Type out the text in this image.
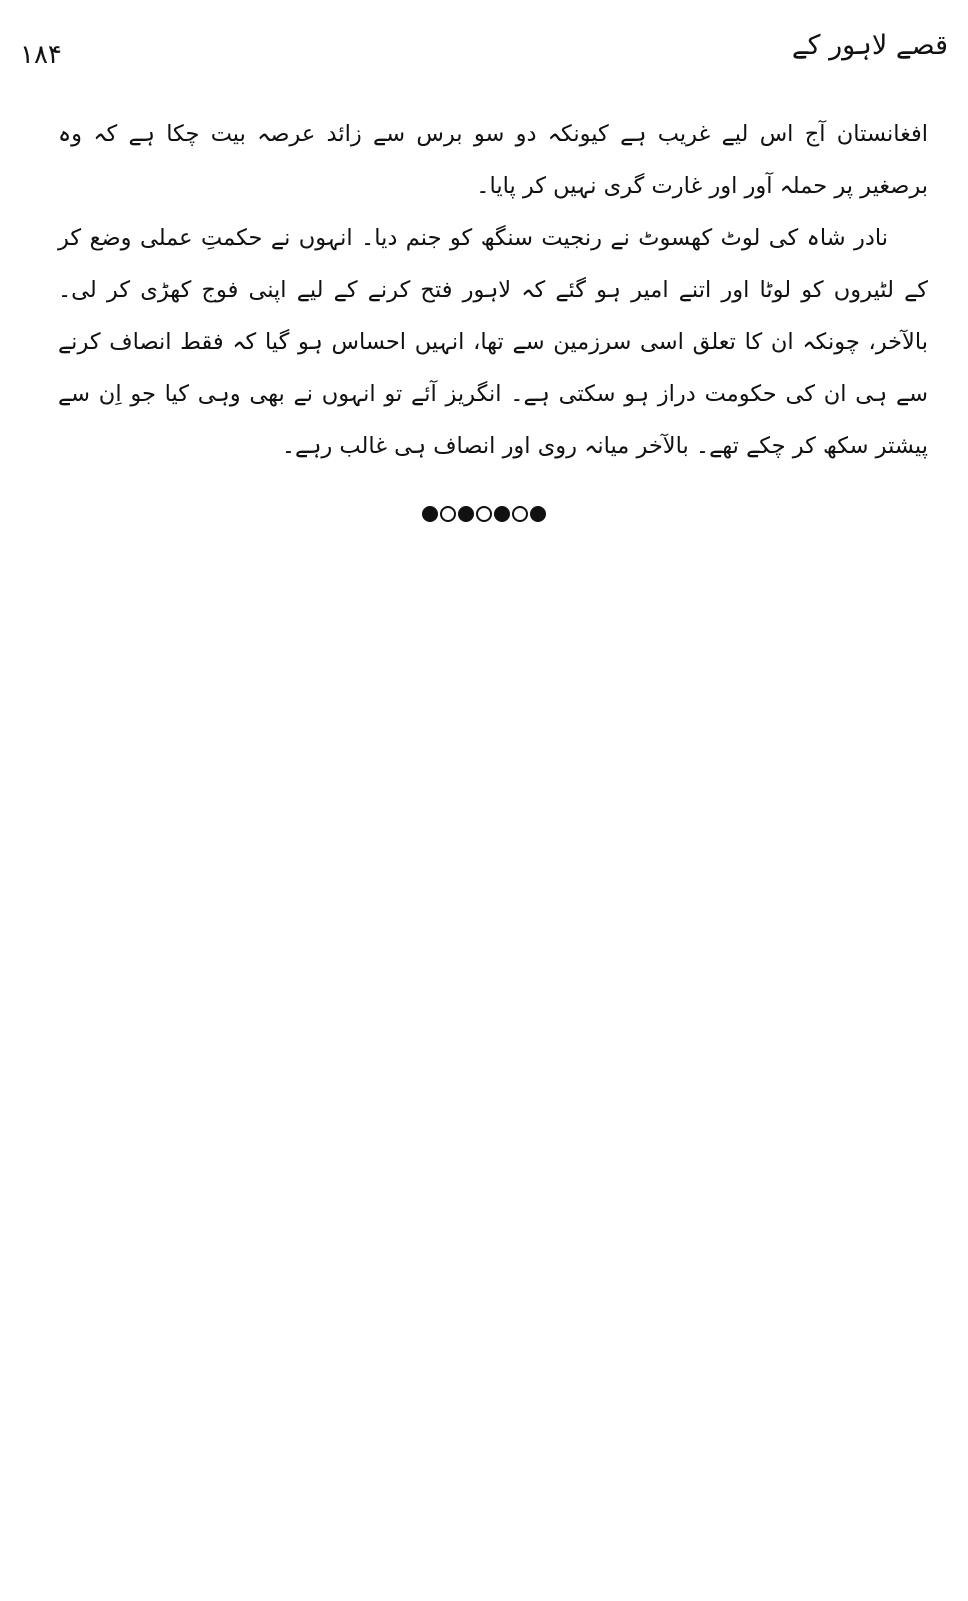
۱۸۴	قصے لاہور کے

افغانستان آج اس لیے غریب ہے کیونکہ دو سو برس سے زائد عرصہ بیت چکا ہے کہ وہ برصغیر پر حملہ آور اور غارت گری نہیں کر پایا۔

نادر شاہ کی لوٹ کھسوٹ نے رنجیت سنگھ کو جنم دیا۔ انہوں نے حکمتِ عملی وضع کر کے لٹیروں کو لوٹا اور اتنے امیر ہو گئے کہ لاہور فتح کرنے کے لیے اپنی فوج کھڑی کر لی۔ بالآخر، چونکہ ان کا تعلق اسی سرزمین سے تھا، انہیں احساس ہو گیا کہ فقط انصاف کرنے سے ہی ان کی حکومت دراز ہو سکتی ہے۔ انگریز آئے تو انہوں نے بھی وہی کیا جو اِن سے پیشتر سکھ کر چکے تھے۔ بالآخر میانہ روی اور انصاف ہی غالب رہے۔
